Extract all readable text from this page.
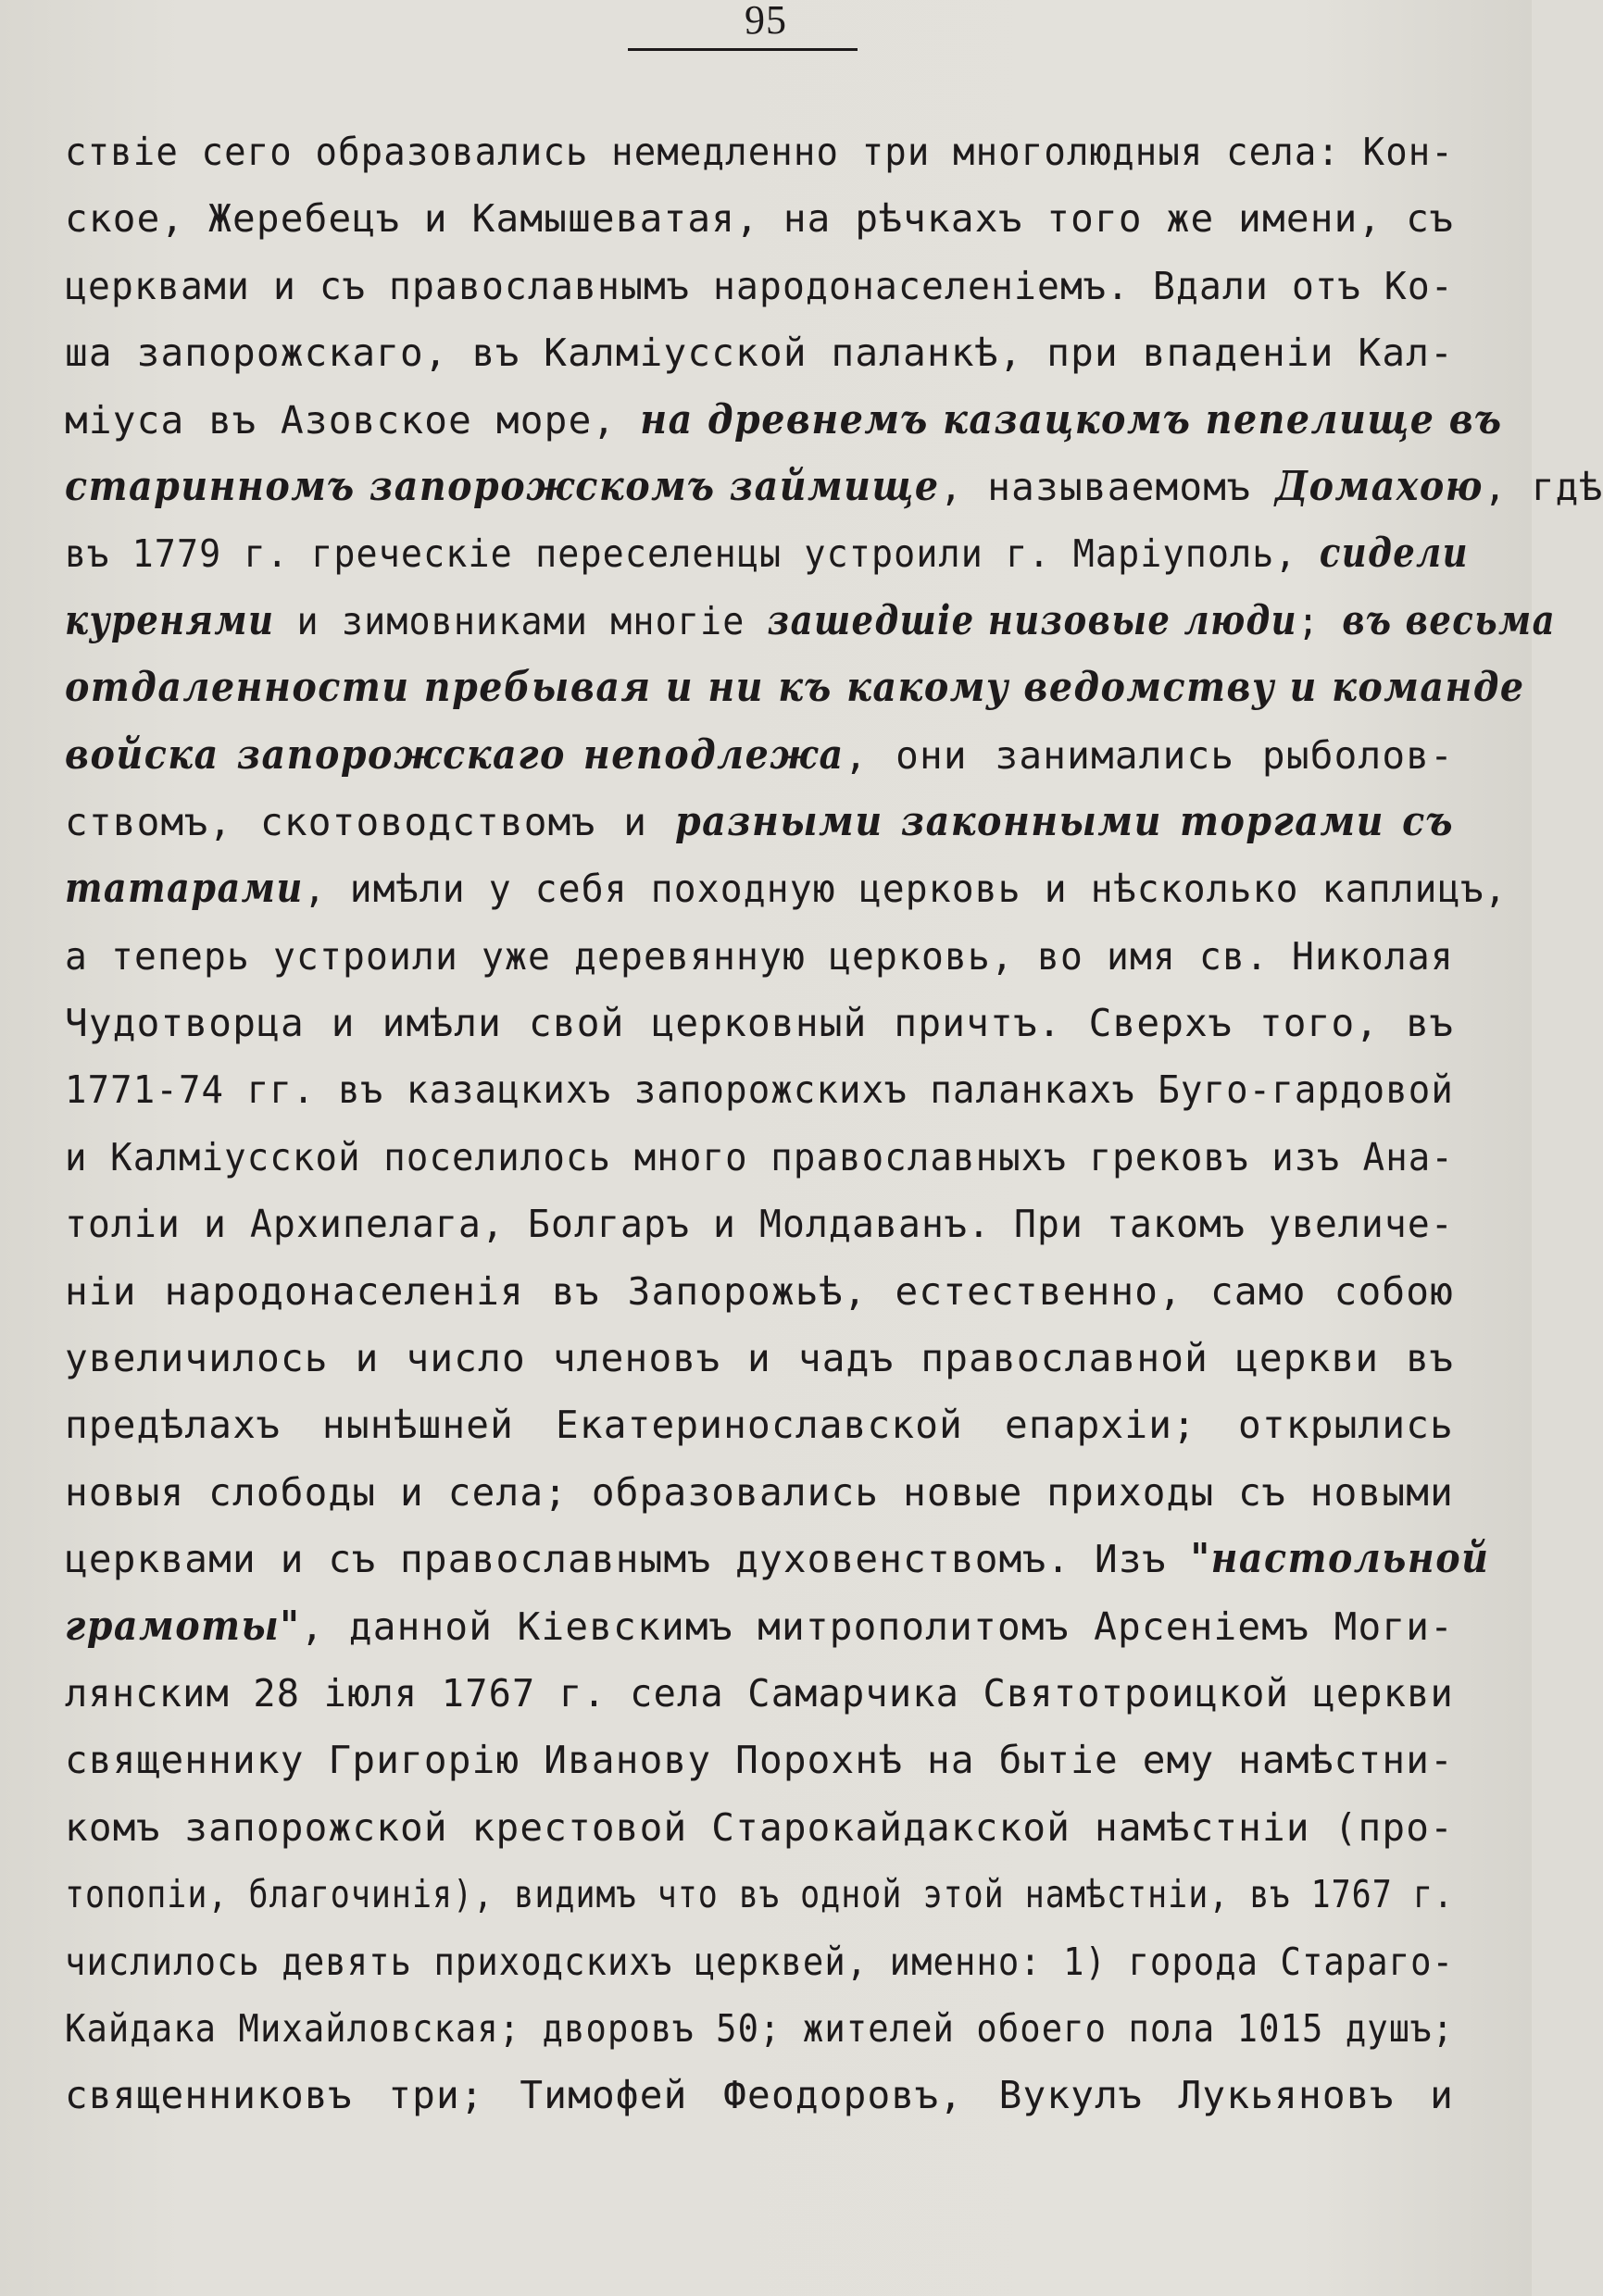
95
ствіе сего образовались немедленно три многолюдныя села: Кон-
ское, Жеребецъ и Камышеватая, на рѣчкахъ того же имени, съ
церквами и съ православнымъ народонаселеніемъ. Вдали отъ Ко-
ша запорожскаго, въ Калміусской паланкѣ, при впаденіи Кал-
міуса въ Азовское море, на древнемъ казацкомъ пепелище въ
старинномъ запорожскомъ займище, называемомъ Домахою, гдѣ
въ 1779 г. греческіе переселенцы устроили г. Маріуполь, сидели
куренями и зимовниками многіе зашедшіе низовые люди; въ весьма
отдаленности пребывая и ни къ какому ведомству и команде
войска запорожскаго неподлежа, они занимались рыболов-
ствомъ, скотоводствомъ и разными законными торгами съ
татарами, имѣли у себя походную церковь и нѣсколько каплицъ,
а теперь устроили уже деревянную церковь, во имя св. Николая
Чудотворца и имѣли свой церковный причтъ. Сверхъ того, въ
1771-74 гг. въ казацкихъ запорожскихъ паланкахъ Буго-гардовой
и Калміусской поселилось много православныхъ грековъ изъ Ана-
толіи и Архипелага, Болгаръ и Молдаванъ. При такомъ увеличе-
ніи народонаселенія въ Запорожьѣ, естественно, само собою
увеличилось и число членовъ и чадъ православной церкви въ
предѣлахъ нынѣшней Екатеринославской епархіи; открылись
новыя слободы и села; образовались новые приходы съ новыми
церквами и съ православнымъ духовенствомъ. Изъ "настольной
грамоты", данной Кіевскимъ митрополитомъ Арсеніемъ Моги-
лянским 28 іюля 1767 г. села Самарчика Святотроицкой церкви
священнику Григорію Иванову Порохнѣ на бытіе ему намѣстни-
комъ запорожской крестовой Старокайдакской намѣстніи (про-
топопіи, благочинія), видимъ что въ одной этой намѣстніи, въ 1767 г.
числилось девять приходскихъ церквей, именно: 1) города Стараго-
Кайдака Михайловская; дворовъ 50; жителей обоего пола 1015 душъ;
священниковъ три; Тимофей Феодоровъ, Вукулъ Лукьяновъ и
